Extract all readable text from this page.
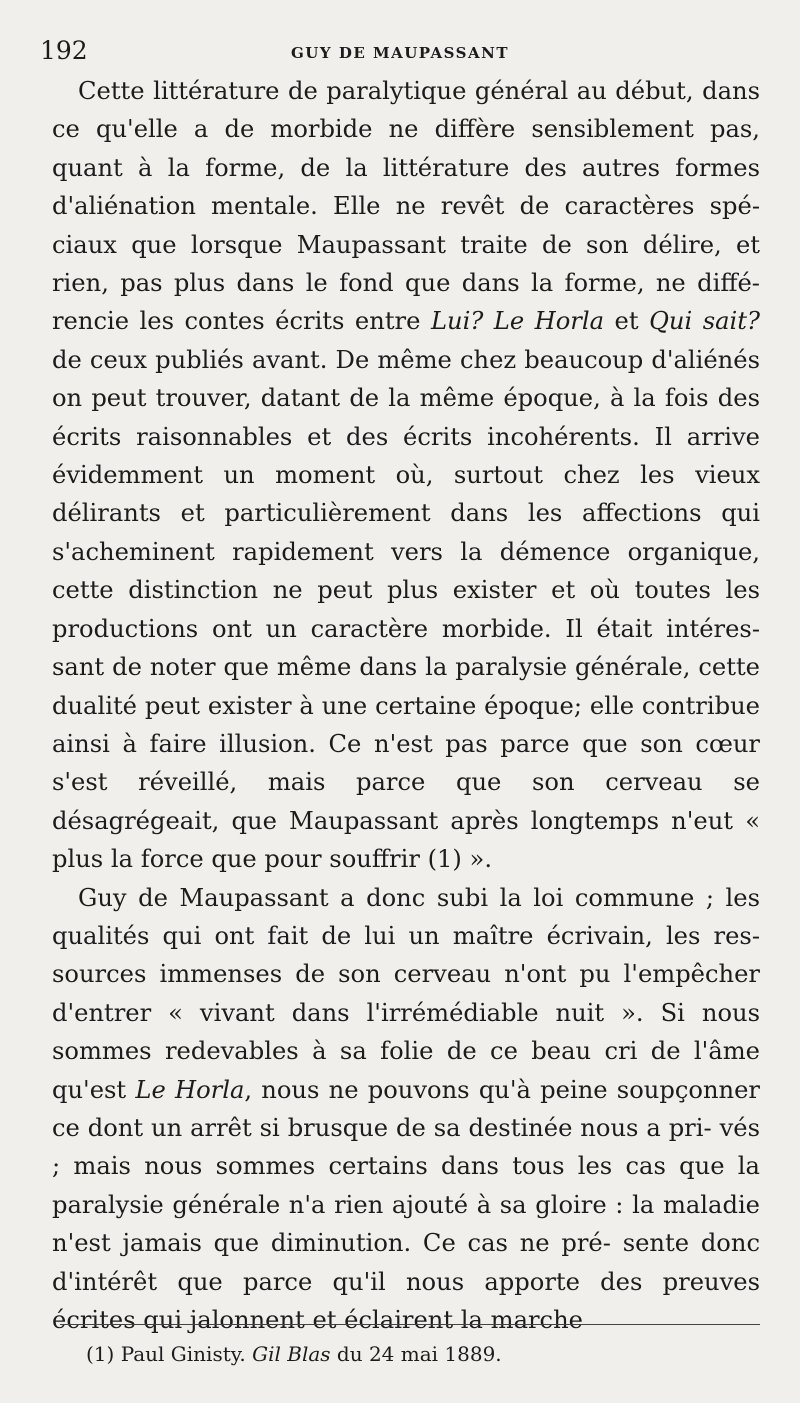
192	GUY DE MAUPASSANT

Cette littérature de paralytique général au début, dans ce qu'elle a de morbide ne diffère sensiblement pas, quant à la forme, de la littérature des autres formes d'aliénation mentale. Elle ne revêt de caractères spé- ciaux que lorsque Maupassant traite de son délire, et rien, pas plus dans le fond que dans la forme, ne diffé- rencie les contes écrits entre Lui? Le Horla et Qui sait? de ceux publiés avant. De même chez beaucoup d'aliénés on peut trouver, datant de la même époque, à la fois des écrits raisonnables et des écrits incohérents. Il arrive évidemment un moment où, surtout chez les vieux délirants et particulièrement dans les affections qui s'acheminent rapidement vers la démence organique, cette distinction ne peut plus exister et où toutes les productions ont un caractère morbide. Il était intéres- sant de noter que même dans la paralysie générale, cette dualité peut exister à une certaine époque; elle contribue ainsi à faire illusion. Ce n'est pas parce que son cœur s'est réveillé, mais parce que son cerveau se désagrégeait, que Maupassant après longtemps n'eut « plus la force que pour souffrir (1) ».

Guy de Maupassant a donc subi la loi commune ; les qualités qui ont fait de lui un maître écrivain, les res- sources immenses de son cerveau n'ont pu l'empêcher d'entrer « vivant dans l'irrémédiable nuit ». Si nous sommes redevables à sa folie de ce beau cri de l'âme qu'est Le Horla, nous ne pouvons qu'à peine soupçonner ce dont un arrêt si brusque de sa destinée nous a pri- vés ; mais nous sommes certains dans tous les cas que la paralysie générale n'a rien ajouté à sa gloire : la maladie n'est jamais que diminution. Ce cas ne pré- sente donc d'intérêt que parce qu'il nous apporte des preuves écrites qui jalonnent et éclairent la marche

(1) Paul Ginisty. Gil Blas du 24 mai 1889.
